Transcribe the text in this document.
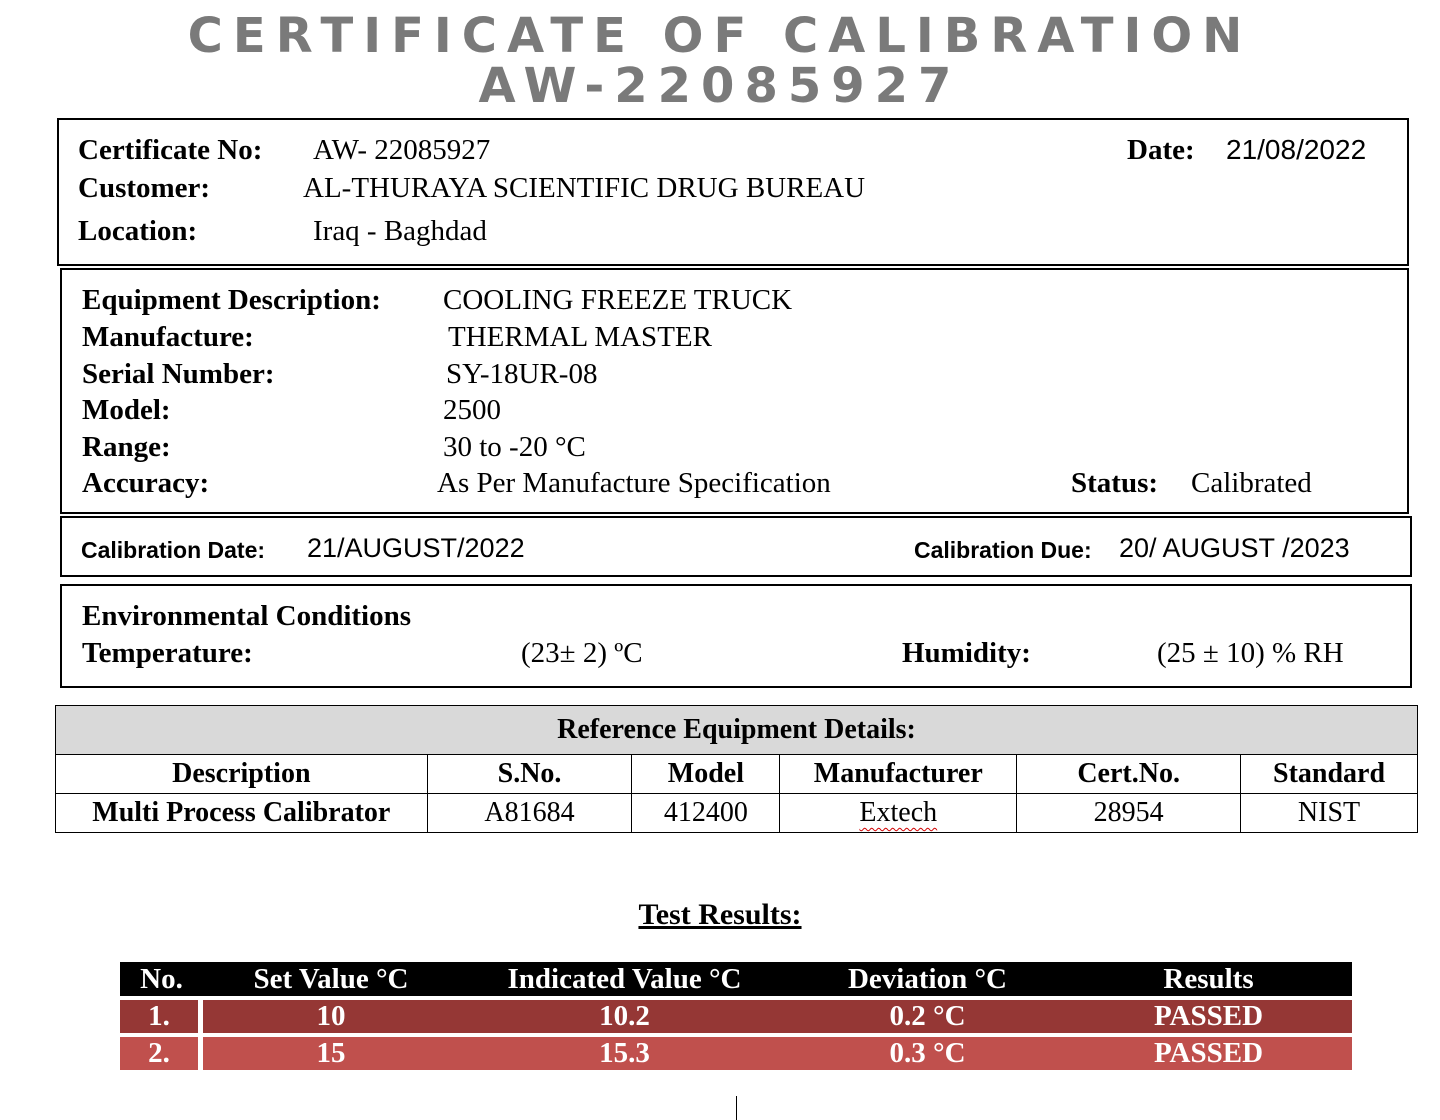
CERTIFICATE OF CALIBRATION
AW-22085927
Certificate No: AW- 22085927	Date: 21/08/2022
Customer:	AL-THURAYA SCIENTIFIC DRUG BUREAU
Location:	Iraq - Baghdad
Equipment Description: COOLING FREEZE TRUCK
Manufacture:	THERMAL MASTER
Serial Number:	SY-18UR-08
Model:	2500
Range:	30 to -20 °C
Accuracy:	As Per Manufacture Specification	Status: Calibrated
Calibration Date: 21/AUGUST/2022	Calibration Due: 20/ AUGUST /2023
Environmental Conditions
Temperature:	(23± 2) ºC	Humidity:	(25 ± 10) % RH
Reference Equipment Details:					
Description	S.No.	Model	Manufacturer	Cert.No.	Standard
Multi Process Calibrator	A81684	412400	Extech	28954	NIST
Test Results:
No.		Set Value °C	Indicated Value °C	Deviation °C	Results

1.		10	10.2	0.2 °C	PASSED

2.		15	15.3	0.3 °C	PASSED
